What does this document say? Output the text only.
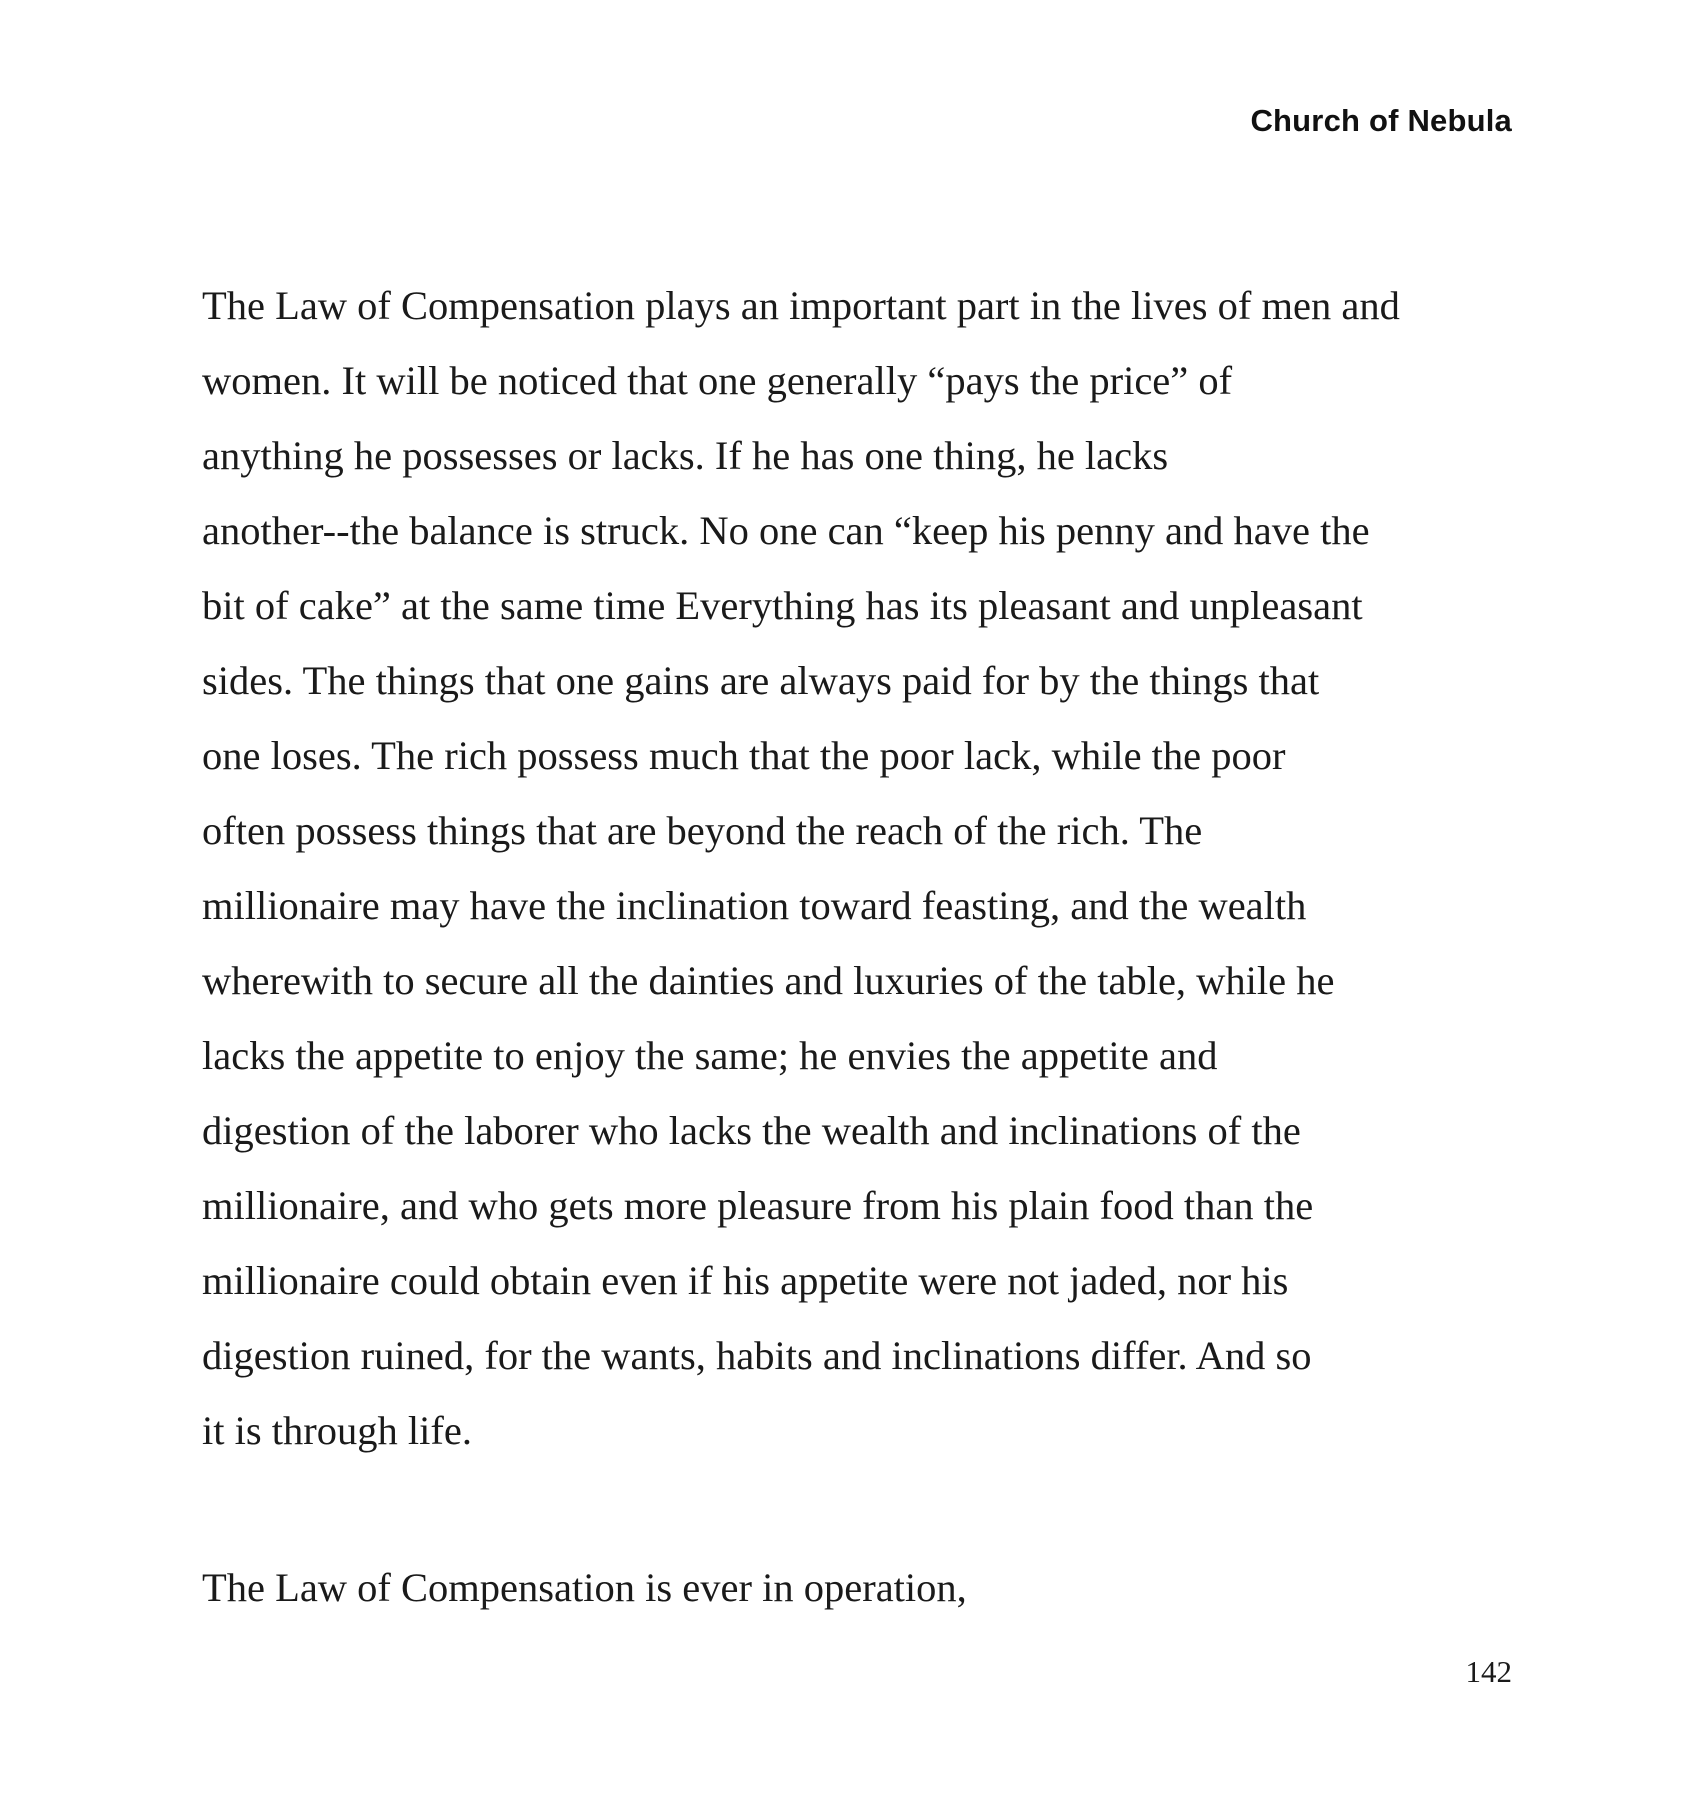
Church of Nebula
The Law of Compensation plays an important part in the lives of men and
women. It will be noticed that one generally “pays the price” of
anything he possesses or lacks. If he has one thing, he lacks
another--the balance is struck. No one can “keep his penny and have the
bit of cake” at the same time Everything has its pleasant and unpleasant
sides. The things that one gains are always paid for by the things that
one loses. The rich possess much that the poor lack, while the poor
often possess things that are beyond the reach of the rich. The
millionaire may have the inclination toward feasting, and the wealth
wherewith to secure all the dainties and luxuries of the table, while he
lacks the appetite to enjoy the same; he envies the appetite and
digestion of the laborer who lacks the wealth and inclinations of the
millionaire, and who gets more pleasure from his plain food than the
millionaire could obtain even if his appetite were not jaded, nor his
digestion ruined, for the wants, habits and inclinations differ. And so
it is through life.
The Law of Compensation is ever in operation,
142
